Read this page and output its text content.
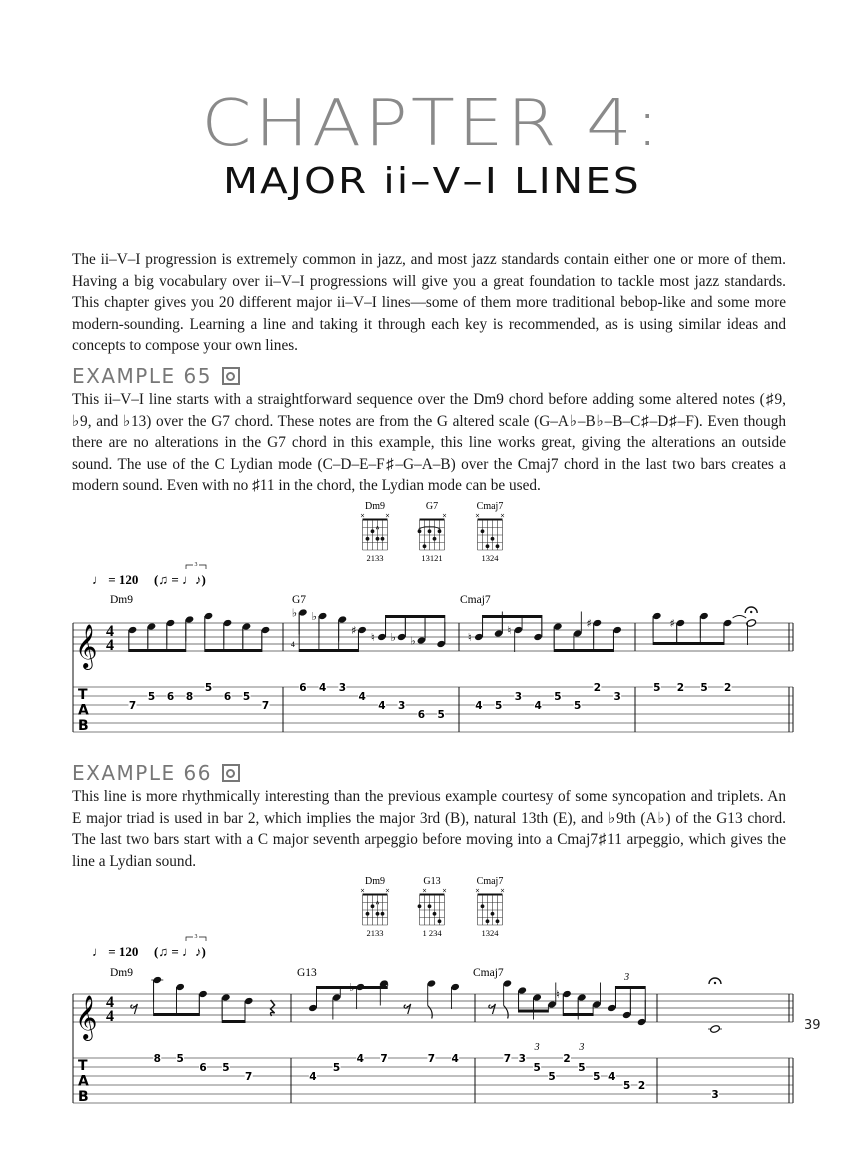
CHAPTER 4:
MAJOR ii–V–I LINES

The ii–V–I progression is extremely common in jazz, and most jazz standards contain either one or more of them. Having a big vocabulary over ii–V–I progressions will give you a great foundation to tackle most jazz standards. This chapter gives you 20 different major ii–V–I lines—some of them more traditional bebop-like and some more modern-sounding. Learning a line and taking it through each key is recommended, as is using similar ideas and concepts to compose your own lines.

EXAMPLE 65

This ii–V–I line starts with a straightforward sequence over the Dm9 chord before adding some altered notes (♯9, ♭9, and ♭13) over the G7 chord. These notes are from the G altered scale (G–A♭–B♭–B–C♯–D♯–F). Even though there are no alterations in the G7 chord in this example, this line works great, giving the alterations an outside sound. The use of the C Lydian mode (C–D–E–F♯–G–A–B) over the Cmaj7 chord in the last two bars creates a modern sound. Even with no ♯11 in the chord, the Lydian mode can be used.

EXAMPLE 66

This line is more rhythmically interesting than the previous example courtesy of some syncopation and triplets. An E major triad is used in bar 2, which implies the major 3rd (B), natural 13th (E), and ♭9th (A♭) of the G13 chord. The last two bars start with a C major seventh arpeggio before moving into a Cmaj7♯11 arpeggio, which gives the line a Lydian sound.

♩ = 120 (♫ = ♩♪)
3
𝄞 4
4
T
A
B
Dm9
7
5 6 8
5
6 5
7
G7
♭
6
♭
4 3
♯
4
♮
4
♭
3
♭
6 5
4
Cmaj7
♮
4 5
♮
3
4
5
5
♯
2
3
5
♯
2 5 2
Dm9
×	×
2133
G7
×
13121
Cmaj7
×	×
1324
♩ = 120 (♫ = ♩♪)
3
𝄞 4
4
T
A
B
Dm9
8 5
6 5
7
G13
4
5
4 7	7 4
Cmaj7
7 3
5
5
♮
2
5
5 4
5 2
3	3
3
3
Dm9
×	×
2133
G13
× ×
1 234
Cmaj7
×	×
1324
39
